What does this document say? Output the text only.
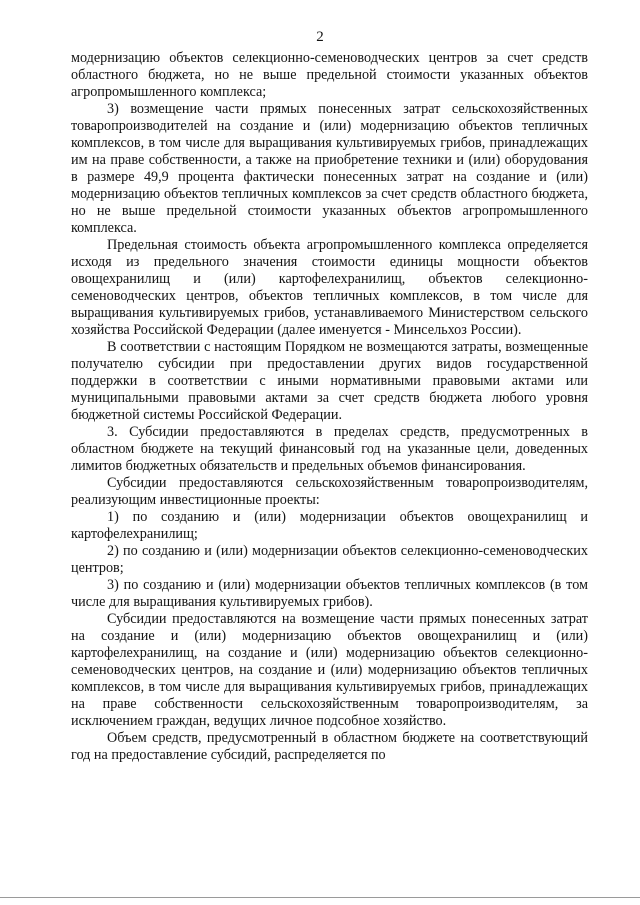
2

модернизацию объектов селекционно-семеноводческих центров за счет средств областного бюджета, но не выше предельной стоимости указанных объектов агропромышленного комплекса;

3) возмещение части прямых понесенных затрат сельскохозяйственных товаропроизводителей на создание и (или) модернизацию объектов тепличных комплексов, в том числе для выращивания культивируемых грибов, принадлежащих им на праве собственности, а также на приобретение техники и (или) оборудования в размере 49,9 процента фактически понесенных затрат на создание и (или) модернизацию объектов тепличных комплексов за счет средств областного бюджета, но не выше предельной стоимости указанных объектов агропромышленного комплекса.

Предельная стоимость объекта агропромышленного комплекса определяется исходя из предельного значения стоимости единицы мощности объектов овощехранилищ и (или) картофелехранилищ, объектов селекционно-семеноводческих центров, объектов тепличных комплексов, в том числе для выращивания культивируемых грибов, устанавливаемого Министерством сельского хозяйства Российской Федерации (далее именуется - Минсельхоз России).

В соответствии с настоящим Порядком не возмещаются затраты, возмещенные получателю субсидии при предоставлении других видов государственной поддержки в соответствии с иными нормативными правовыми актами или муниципальными правовыми актами за счет средств бюджета любого уровня бюджетной системы Российской Федерации.

3. Субсидии предоставляются в пределах средств, предусмотренных в областном бюджете на текущий финансовый год на указанные цели, доведенных лимитов бюджетных обязательств и предельных объемов финансирования.

Субсидии предоставляются сельскохозяйственным товаропроизводителям, реализующим инвестиционные проекты:

1) по созданию и (или) модернизации объектов овощехранилищ и картофелехранилищ;

2) по созданию и (или) модернизации объектов селекционно-семеноводческих центров;

3) по созданию и (или) модернизации объектов тепличных комплексов (в том числе для выращивания культивируемых грибов).

Субсидии предоставляются на возмещение части прямых понесенных затрат на создание и (или) модернизацию объектов овощехранилищ и (или) картофелехранилищ, на создание и (или) модернизацию объектов селекционно-семеноводческих центров, на создание и (или) модернизацию объектов тепличных комплексов, в том числе для выращивания культивируемых грибов, принадлежащих на праве собственности сельскохозяйственным товаропроизводителям, за исключением граждан, ведущих личное подсобное хозяйство.

Объем средств, предусмотренный в областном бюджете на соответствующий год на предоставление субсидий, распределяется по
